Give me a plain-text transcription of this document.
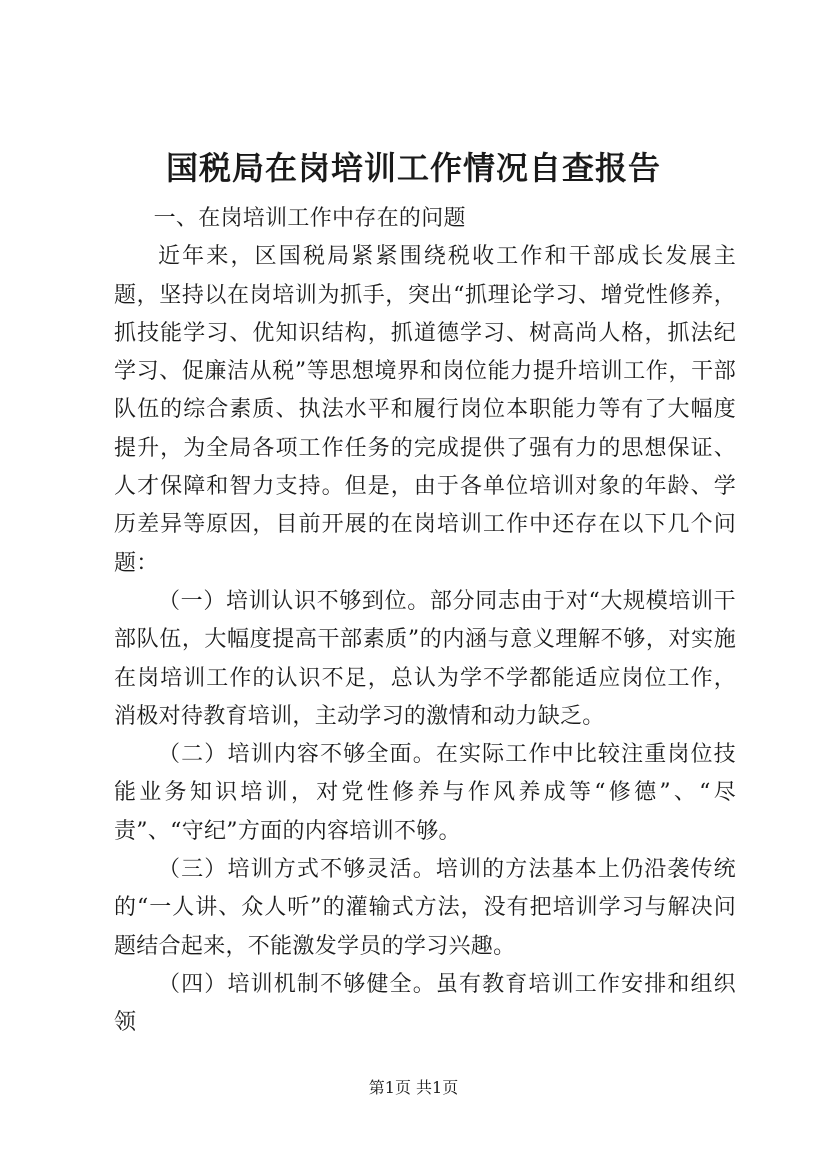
国税局在岗培训工作情况自查报告

一、在岗培训工作中存在的问题

近年来，区国税局紧紧围绕税收工作和干部成长发展主题，坚持以在岗培训为抓手，突出“抓理论学习、增党性修养，抓技能学习、优知识结构，抓道德学习、树高尚人格，抓法纪学习、促廉洁从税”等思想境界和岗位能力提升培训工作，干部队伍的综合素质、执法水平和履行岗位本职能力等有了大幅度提升，为全局各项工作任务的完成提供了强有力的思想保证、人才保障和智力支持。但是，由于各单位培训对象的年龄、学历差异等原因，目前开展的在岗培训工作中还存在以下几个问题：

（一）培训认识不够到位。部分同志由于对“大规模培训干部队伍，大幅度提高干部素质”的内涵与意义理解不够，对实施在岗培训工作的认识不足，总认为学不学都能适应岗位工作，消极对待教育培训，主动学习的激情和动力缺乏。

（二）培训内容不够全面。在实际工作中比较注重岗位技能业务知识培训，对党性修养与作风养成等“修德”、“尽责”、“守纪”方面的内容培训不够。

（三）培训方式不够灵活。培训的方法基本上仍沿袭传统的“一人讲、众人听”的灌输式方法，没有把培训学习与解决问题结合起来，不能激发学员的学习兴趣。

（四）培训机制不够健全。虽有教育培训工作安排和组织领

第1页 共1页
